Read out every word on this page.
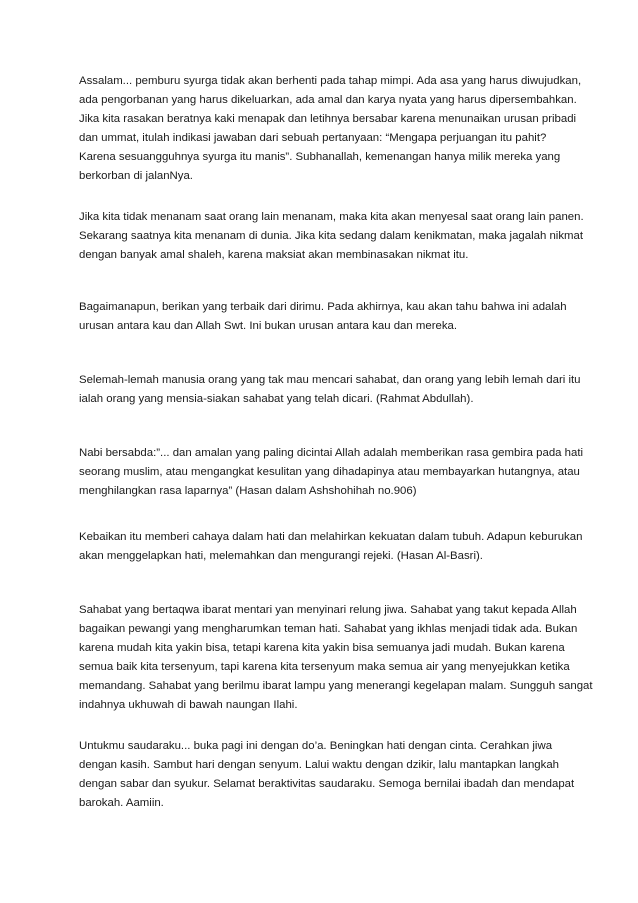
Assalam... pemburu syurga tidak akan berhenti pada tahap mimpi. Ada asa yang harus diwujudkan,
ada pengorbanan yang harus dikeluarkan, ada amal dan karya nyata yang harus dipersembahkan.
Jika kita rasakan beratnya kaki menapak dan letihnya bersabar karena menunaikan urusan pribadi
dan ummat, itulah indikasi jawaban dari sebuah pertanyaan: “Mengapa perjuangan itu pahit?
Karena sesuangguhnya syurga itu manis”. Subhanallah, kemenangan hanya milik mereka yang
berkorban di jalanNya.

Jika kita tidak menanam saat orang lain menanam, maka kita akan menyesal saat orang lain panen.
Sekarang saatnya kita menanam di dunia. Jika kita sedang dalam kenikmatan, maka jagalah nikmat
dengan banyak amal shaleh, karena maksiat akan membinasakan nikmat itu.

Bagaimanapun, berikan yang terbaik dari dirimu. Pada akhirnya, kau akan tahu bahwa ini adalah
urusan antara kau dan Allah Swt. Ini bukan urusan antara kau dan mereka.

Selemah-lemah manusia orang yang tak mau mencari sahabat, dan orang yang lebih lemah dari itu
ialah orang yang mensia-siakan sahabat yang telah dicari. (Rahmat Abdullah).

Nabi bersabda:”... dan amalan yang paling dicintai Allah adalah memberikan rasa gembira pada hati
seorang muslim, atau mengangkat kesulitan yang dihadapinya atau membayarkan hutangnya, atau
menghilangkan rasa laparnya” (Hasan dalam Ashshohihah no.906)

Kebaikan itu memberi cahaya dalam hati dan melahirkan kekuatan dalam tubuh. Adapun keburukan
akan menggelapkan hati, melemahkan dan mengurangi rejeki. (Hasan Al-Basri).

Sahabat yang bertaqwa ibarat mentari yan menyinari relung jiwa. Sahabat yang takut kepada Allah
bagaikan pewangi yang mengharumkan teman hati. Sahabat yang ikhlas menjadi tidak ada. Bukan
karena mudah kita yakin bisa, tetapi karena kita yakin bisa semuanya jadi mudah. Bukan karena
semua baik kita tersenyum, tapi karena kita tersenyum maka semua air yang menyejukkan ketika
memandang. Sahabat yang berilmu ibarat lampu yang menerangi kegelapan malam. Sungguh sangat
indahnya ukhuwah di bawah naungan Ilahi.

Untukmu saudaraku... buka pagi ini dengan do’a. Beningkan hati dengan cinta. Cerahkan jiwa
dengan kasih. Sambut hari dengan senyum. Lalui waktu dengan dzikir, lalu mantapkan langkah
dengan sabar dan syukur. Selamat beraktivitas saudaraku. Semoga bernilai ibadah dan mendapat
barokah. Aamiin.
